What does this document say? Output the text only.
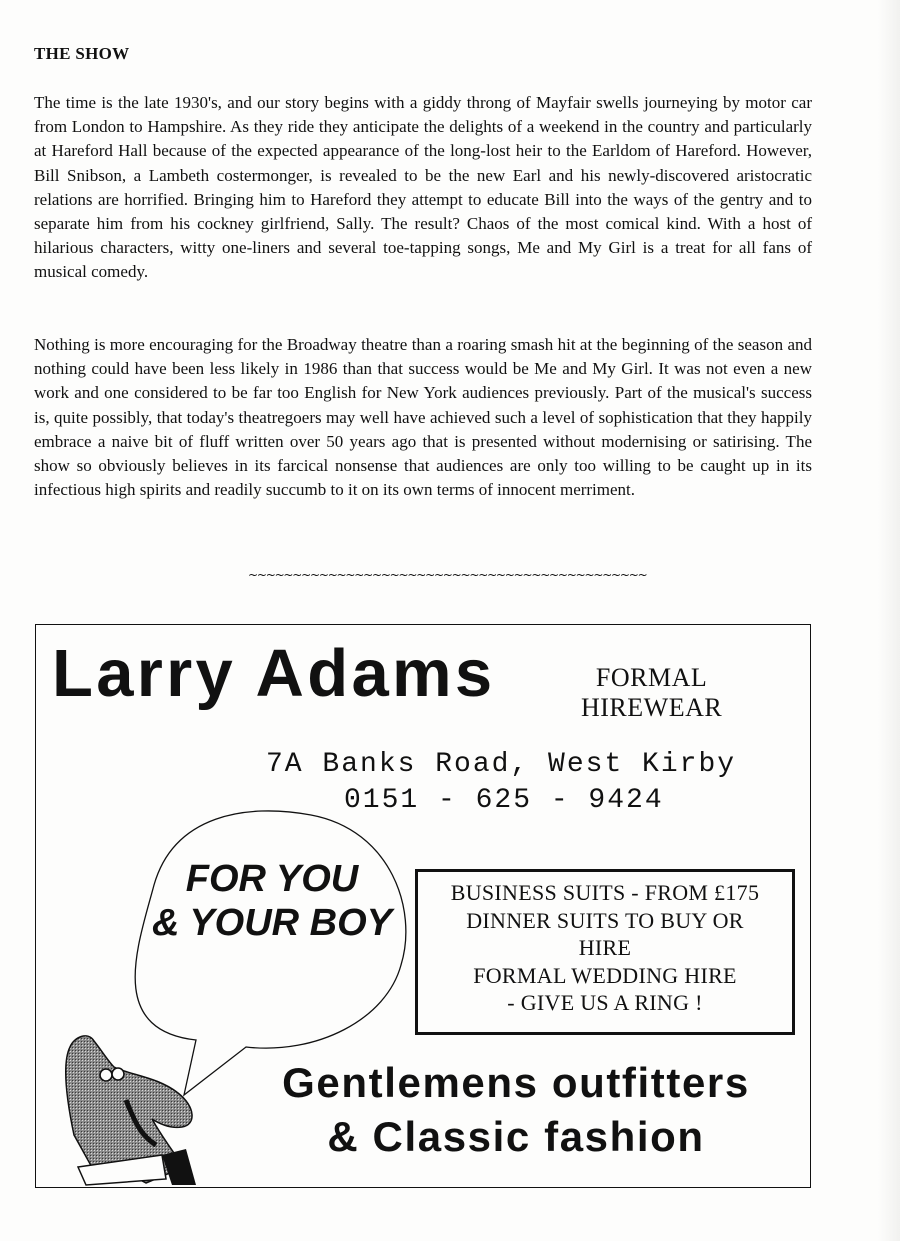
THE SHOW

The time is the late 1930's, and our story begins with a giddy throng of Mayfair swells journeying by motor car from London to Hampshire. As they ride they anticipate the delights of a weekend in the country and particularly at Hareford Hall because of the expected appearance of the long-lost heir to the Earldom of Hareford. However, Bill Snibson, a Lambeth costermonger, is revealed to be the new Earl and his newly-discovered aristocratic relations are horrified. Bringing him to Hareford they attempt to educate Bill into the ways of the gentry and to separate him from his cockney girlfriend, Sally. The result? Chaos of the most comical kind. With a host of hilarious characters, witty one-liners and several toe-tapping songs, Me and My Girl is a treat for all fans of musical comedy.

Nothing is more encouraging for the Broadway theatre than a roaring smash hit at the beginning of the season and nothing could have been less likely in 1986 than that success would be Me and My Girl. It was not even a new work and one considered to be far too English for New York audiences previously. Part of the musical's success is, quite possibly, that today's theatregoers may well have achieved such a level of sophistication that they happily embrace a naive bit of fluff written over 50 years ago that is presented without modernising or satirising. The show so obviously believes in its farcical nonsense that audiences are only too willing to be caught up in its infectious high spirits and readily succumb to it on its own terms of innocent merriment.

~~~~~~~~~~~~~~~~~~~~~~~~~~~~~~~~~~~~~~~~~~~~~
Larry Adams	FORMAL
HIREWEAR
7A Banks Road, West Kirby
0151 - 625 - 9424
FOR YOU
& YOUR BOY
BUSINESS SUITS - FROM £175
DINNER SUITS TO BUY OR
HIRE
FORMAL WEDDING HIRE
- GIVE US A RING !
Gentlemens outfitters
& Classic fashion
